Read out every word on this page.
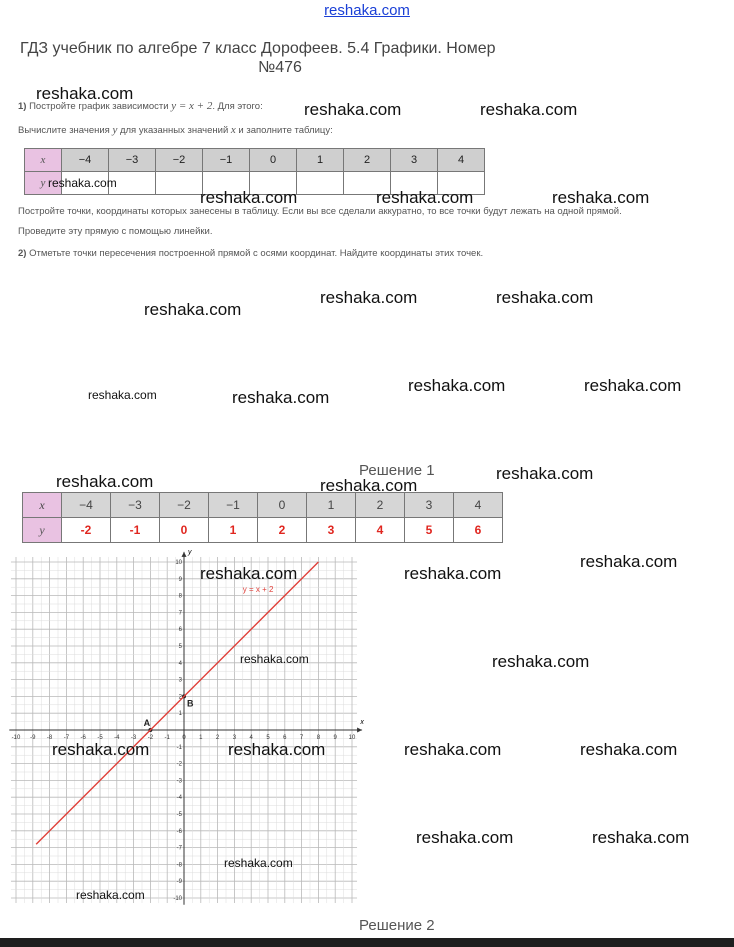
reshaka.com
ГДЗ учебник по алгебре 7 класс Дорофеев. 5.4 Графики. Номер
№476
1) Постройте график зависимости y = x + 2. Для этого:
Вычислите значения y для указанных значений x и заполните таблицу:
x	−4	−3	−2	−1	0	1	2	3	4
y									
Постройте точки, координаты которых занесены в таблицу. Если вы все сделали аккуратно, то все точки будут лежать на одной прямой.
Проведите эту прямую с помощью линейки.
2) Отметьте точки пересечения построенной прямой с осями координат. Найдите координаты этих точек.
Решение 1
x	−4	−3	−2	−1	0	1	2	3	4
y	-2	-1	0	1	2	3	4	5	6
-10 -9 -8 -7 -6 -5 -4 -3 -2 -1 0 1 2 3 4 5 6 7 8 9 10
10
9
8
7
6
5
4
3
2
1
-1
-2
-3
-4
-5
-6
-7
-8
-9
-10
y = x + 2
A
B
x
y
Решение 2
reshaka.com
reshaka.com	reshaka.com
reshaka.com
reshaka.com	reshaka.com	reshaka.com
reshaka.com	reshaka.com
reshaka.com
reshaka.com	reshaka.com
reshaka.com	reshaka.com
reshaka.com	reshaka.com
reshaka.com
reshaka.com
reshaka.com	reshaka.com
reshaka.com	reshaka.com
reshaka.com	reshaka.com	reshaka.com	reshaka.com
reshaka.com	reshaka.com
reshaka.com
reshaka.com
